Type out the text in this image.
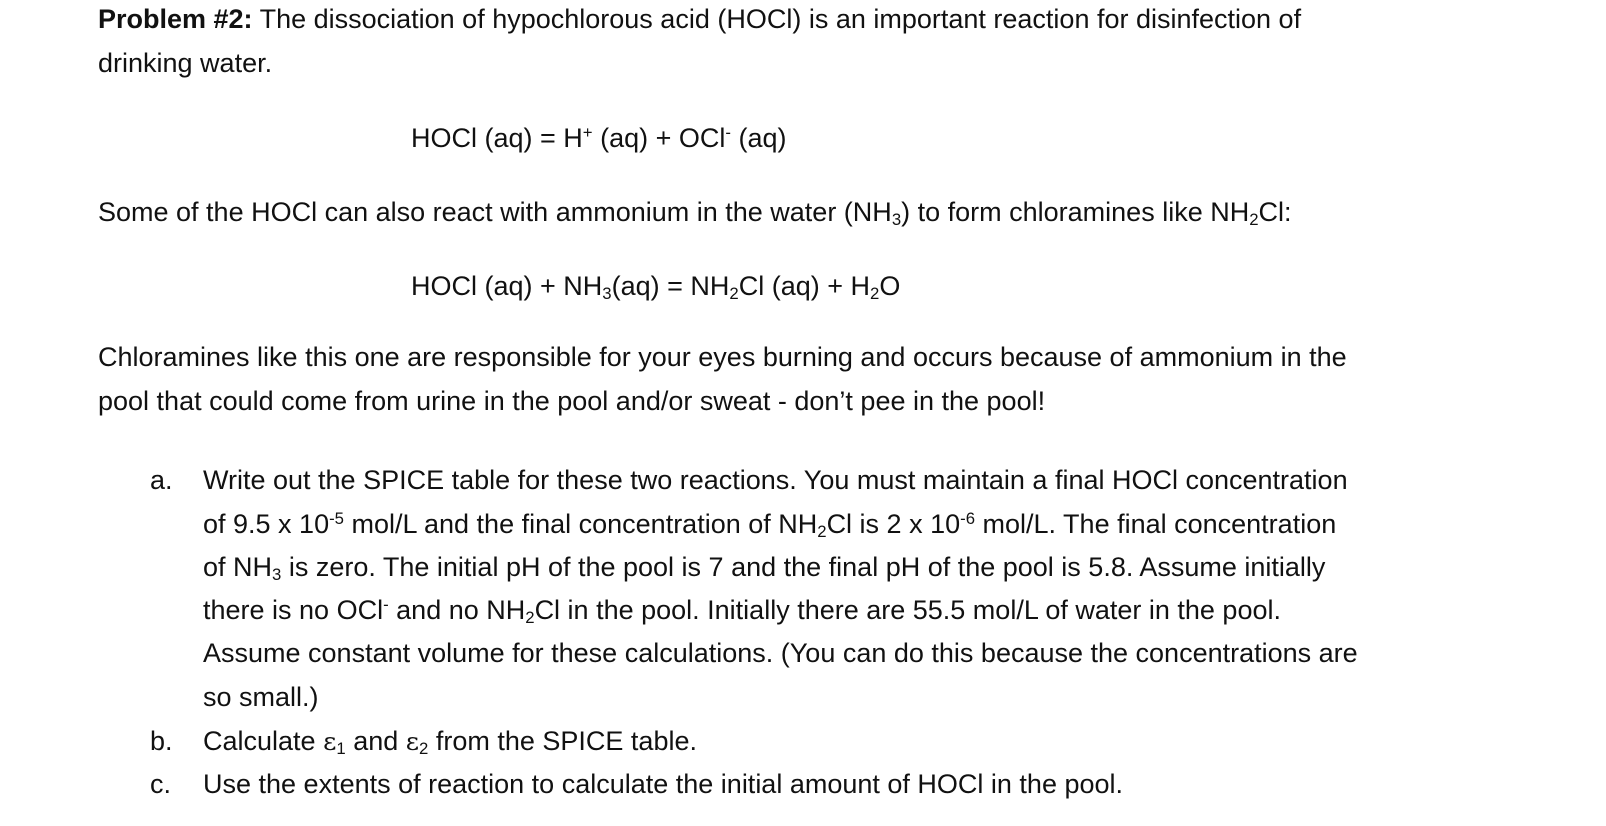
Problem #2: The dissociation of hypochlorous acid (HOCl) is an important reaction for disinfection of
drinking water.
HOCl (aq) = H+ (aq) + OCl- (aq)
Some of the HOCl can also react with ammonium in the water $(NH_3)$ to form chloramines like $NH_2Cl$:
HOCl $(aq) + NH_3(aq) = NH_2Cl$ $(aq) + H_2O$
Chloramines like this one are responsible for your eyes burning and occurs because of ammonium in the
pool that could come from urine in the pool and/or sweat - don’t pee in the pool!
a.	Write out the SPICE table for these two reactions. You must maintain a final HOCl concentration
of 9.5 x $10^{-5}$ mol/L and the final concentration of $NH_2Cl$ is 2 x $10^{-6}$ mol/L. The final concentration
of $NH_3$ is zero. The initial pH of the pool is 7 and the final pH of the pool is 5.8. Assume initially
there is no OCl- and no $NH_2Cl$ in the pool. Initially there are 55.5 mol/L of water in the pool.
Assume constant volume for these calculations. (You can do this because the concentrations are
so small.)
b.	Calculate $\varepsilon_1$ and $\varepsilon_2$ from the SPICE table.
c.	Use the extents of reaction to calculate the initial amount of HOCl in the pool.
